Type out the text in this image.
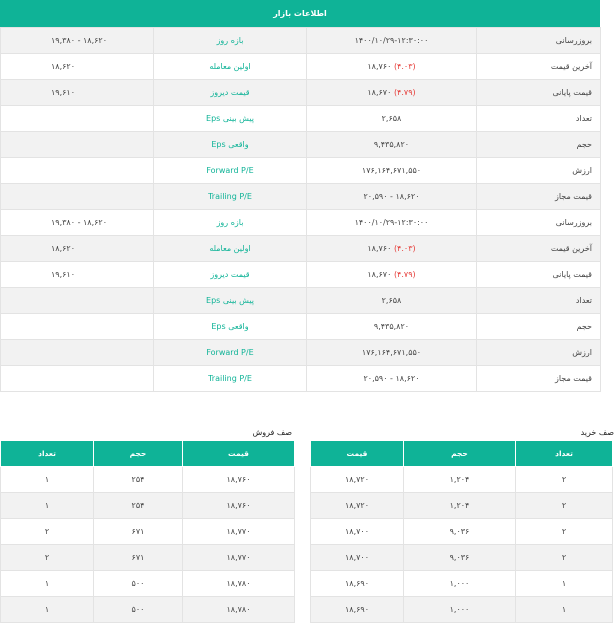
اطلاعات بازار
۱۹,۳۸۰ - ۱۸,۶۲۰	بازه روز	۱۴۰۰/۱۰/۲۹-۱۲:۳۰:۰۰	بروزرسانی
۱۸,۶۲۰	اولین معامله	۱۸,۷۶۰ (۴.۰۳)	آخرین قیمت
۱۹,۶۱۰	قیمت دیروز	۱۸,۶۷۰ (۴.۷۹)	قیمت پایانی
	Eps پیش بینی	۲,۶۵۸	تعداد
	Eps واقعی	۹,۴۳۵,۸۲۰	حجم
	Forward P/E	۱۷۶,۱۶۴,۶۷۱,۵۵۰	ارزش
	Trailing P/E	۲۰,۵۹۰ - ۱۸,۶۲۰	قیمت مجاز
۱۹,۳۸۰ - ۱۸,۶۲۰	بازه روز	۱۴۰۰/۱۰/۲۹-۱۲:۳۰:۰۰	بروزرسانی
۱۸,۶۲۰	اولین معامله	۱۸,۷۶۰ (۴.۰۳)	آخرین قیمت
۱۹,۶۱۰	قیمت دیروز	۱۸,۶۷۰ (۴.۷۹)	قیمت پایانی
	Eps پیش بینی	۲,۶۵۸	تعداد
	Eps واقعی	۹,۴۳۵,۸۲۰	حجم
	Forward P/E	۱۷۶,۱۶۴,۶۷۱,۵۵۰	ارزش
	Trailing P/E	۲۰,۵۹۰ - ۱۸,۶۲۰	قیمت مجاز
صف فروش
تعداد	حجم	قیمت
۱	۲۵۴	۱۸,۷۶۰
۱	۲۵۴	۱۸,۷۶۰
۲	۶۷۱	۱۸,۷۷۰
۲	۶۷۱	۱۸,۷۷۰
۱	۵۰۰	۱۸,۷۸۰
۱	۵۰۰	۱۸,۷۸۰
صف خرید
قیمت	حجم	تعداد
۱۸,۷۲۰	۱,۲۰۴	۲
۱۸,۷۲۰	۱,۲۰۴	۲
۱۸,۷۰۰	۹,۰۳۶	۲
۱۸,۷۰۰	۹,۰۳۶	۲
۱۸,۶۹۰	۱,۰۰۰	۱
۱۸,۶۹۰	۱,۰۰۰	۱
